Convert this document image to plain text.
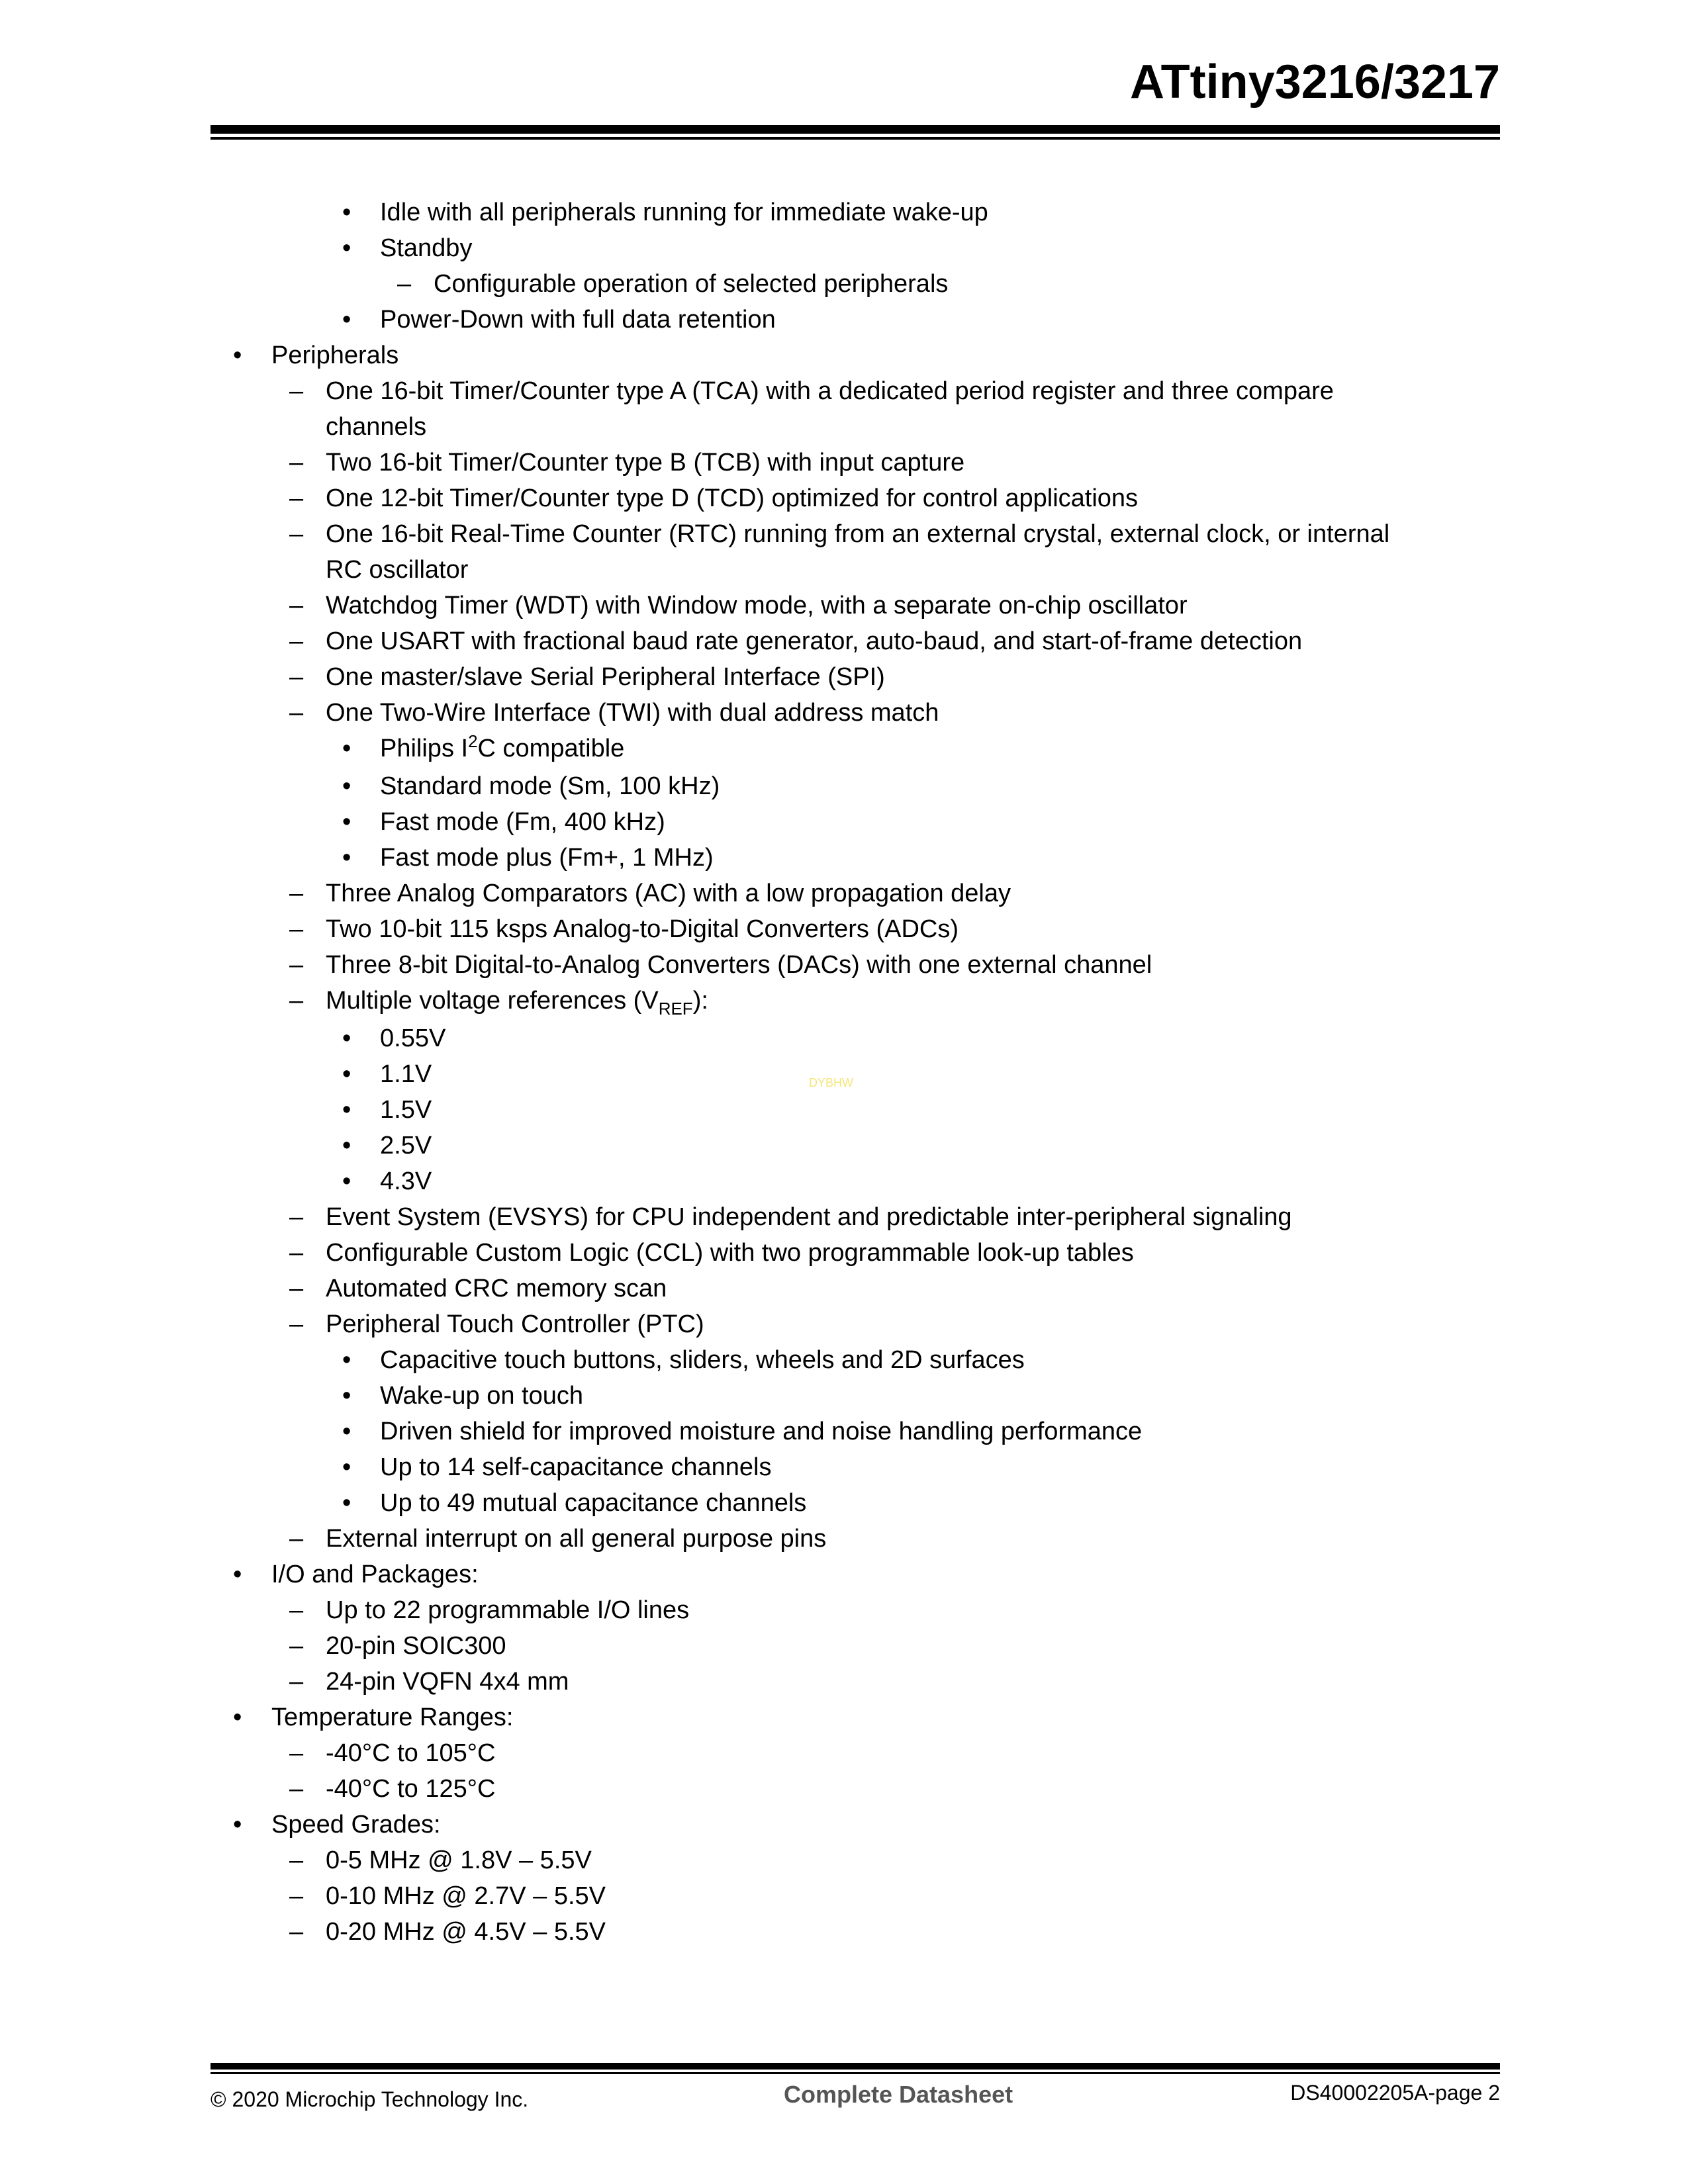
ATtiny3216/3217
• Idle with all peripherals running for immediate wake-up
• Standby
– Configurable operation of selected peripherals
• Power-Down with full data retention
• Peripherals
– One 16-bit Timer/Counter type A (TCA) with a dedicated period register and three compare channels
– Two 16-bit Timer/Counter type B (TCB) with input capture
– One 12-bit Timer/Counter type D (TCD) optimized for control applications
– One 16-bit Real-Time Counter (RTC) running from an external crystal, external clock, or internal RC oscillator
– Watchdog Timer (WDT) with Window mode, with a separate on-chip oscillator
– One USART with fractional baud rate generator, auto-baud, and start-of-frame detection
– One master/slave Serial Peripheral Interface (SPI)
– One Two-Wire Interface (TWI) with dual address match
• Philips $I^2C$ compatible
• Standard mode (Sm, 100 kHz)
• Fast mode (Fm, 400 kHz)
• Fast mode plus (Fm+, 1 MHz)
– Three Analog Comparators (AC) with a low propagation delay
– Two 10-bit 115 ksps Analog-to-Digital Converters (ADCs)
– Three 8-bit Digital-to-Analog Converters (DACs) with one external channel
– Multiple voltage references $(V_{REF})$:
• 0.55V
• 1.1V
• 1.5V
• 2.5V
• 4.3V
– Event System (EVSYS) for CPU independent and predictable inter-peripheral signaling
– Configurable Custom Logic (CCL) with two programmable look-up tables
– Automated CRC memory scan
– Peripheral Touch Controller (PTC)
• Capacitive touch buttons, sliders, wheels and 2D surfaces
• Wake-up on touch
• Driven shield for improved moisture and noise handling performance
• Up to 14 self-capacitance channels
• Up to 49 mutual capacitance channels
– External interrupt on all general purpose pins
• I/O and Packages:
– Up to 22 programmable I/O lines
– 20-pin SOIC300
– 24-pin VQFN 4x4 mm
• Temperature Ranges:
– -40°C to 105°C
– -40°C to 125°C
• Speed Grades:
– 0-5 MHz @ 1.8V – 5.5V
– 0-10 MHz @ 2.7V – 5.5V
– 0-20 MHz @ 4.5V – 5.5V
DYBHW
© 2020 Microchip Technology Inc.	Complete Datasheet	DS40002205A-page 2
